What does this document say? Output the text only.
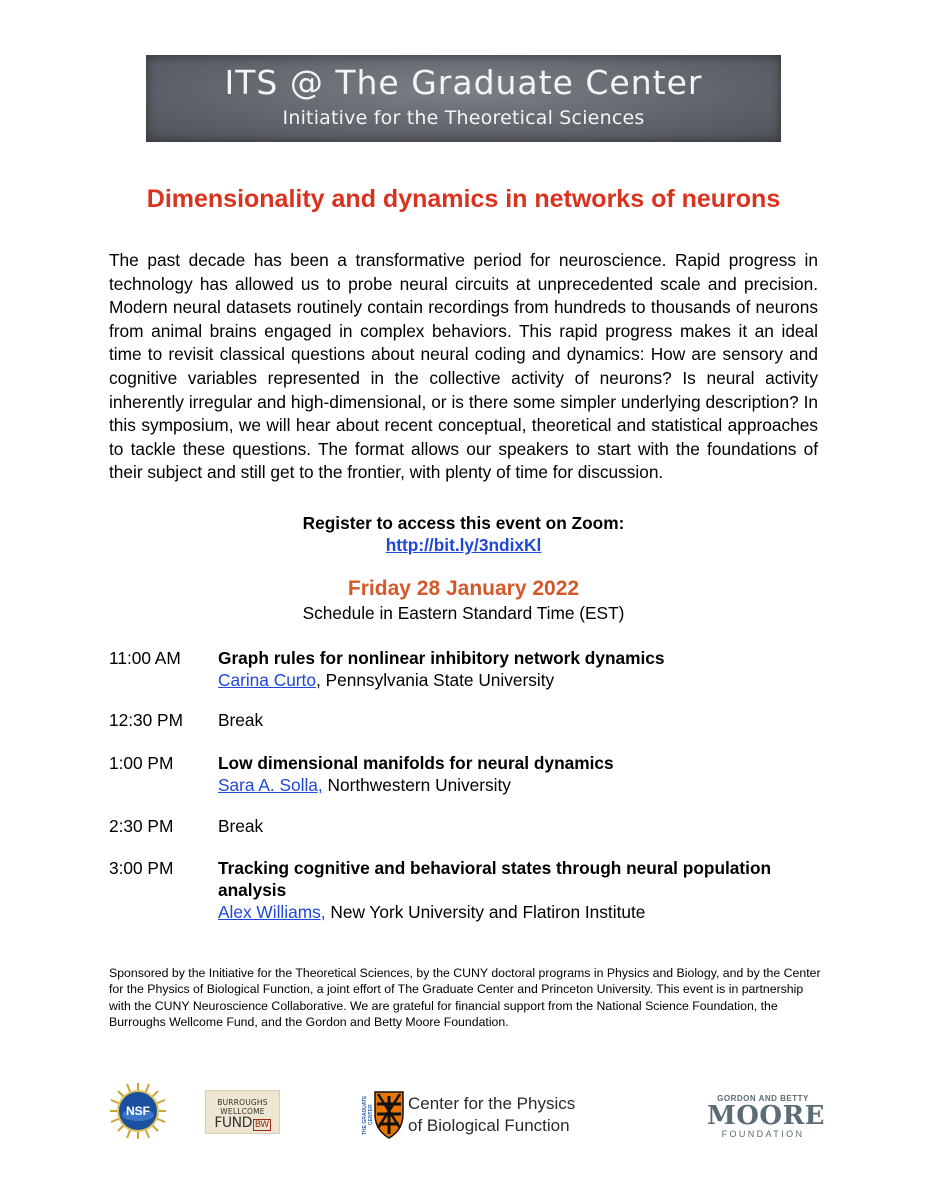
ITS @ The Graduate Center
Initiative for the Theoretical Sciences
Dimensionality and dynamics in networks of neurons

The past decade has been a transformative period for neuroscience. Rapid progress in technology has allowed us to probe neural circuits at unprecedented scale and precision. Modern neural datasets routinely contain recordings from hundreds to thousands of neurons from animal brains engaged in complex behaviors. This rapid progress makes it an ideal time to revisit classical questions about neural coding and dynamics: How are sensory and cognitive variables represented in the collective activity of neurons? Is neural activity inherently irregular and high-dimensional, or is there some simpler underlying description? In this symposium, we will hear about recent conceptual, theoretical and statistical approaches to tackle these questions. The format allows our speakers to start with the foundations of their subject and still get to the frontier, with plenty of time for discussion.

Register to access this event on Zoom:
http://bit.ly/3ndixKl
Friday 28 January 2022
Schedule in Eastern Standard Time (EST)
11:00 AM Graph rules for nonlinear inhibitory network dynamics
Carina Curto, Pennsylvania State University
12:30 PM Break
1:00 PM	Low dimensional manifolds for neural dynamics
Sara A. Solla, Northwestern University
2:30 PM	Break
3:00 PM	Tracking cognitive and behavioral states through neural population analysis
Alex Williams, New York University and Flatiron Institute

Sponsored by the Initiative for the Theoretical Sciences, by the CUNY doctoral programs in Physics and Biology, and by the Center for the Physics of Biological Function, a joint effort of The Graduate Center and Princeton University. This event is in partnership with the CUNY Neuroscience Collaborative. We are grateful for financial support from the National Science Foundation, the Burroughs Wellcome Fund, and the Gordon and Betty Moore Foundation.

NSF
BURROUGHS
WELLCOME
FUND BW	THE GRADUATE CENTER
Center for the Physics
of Biological Function
GORDON AND BETTY
MOORE
FOUNDATION
